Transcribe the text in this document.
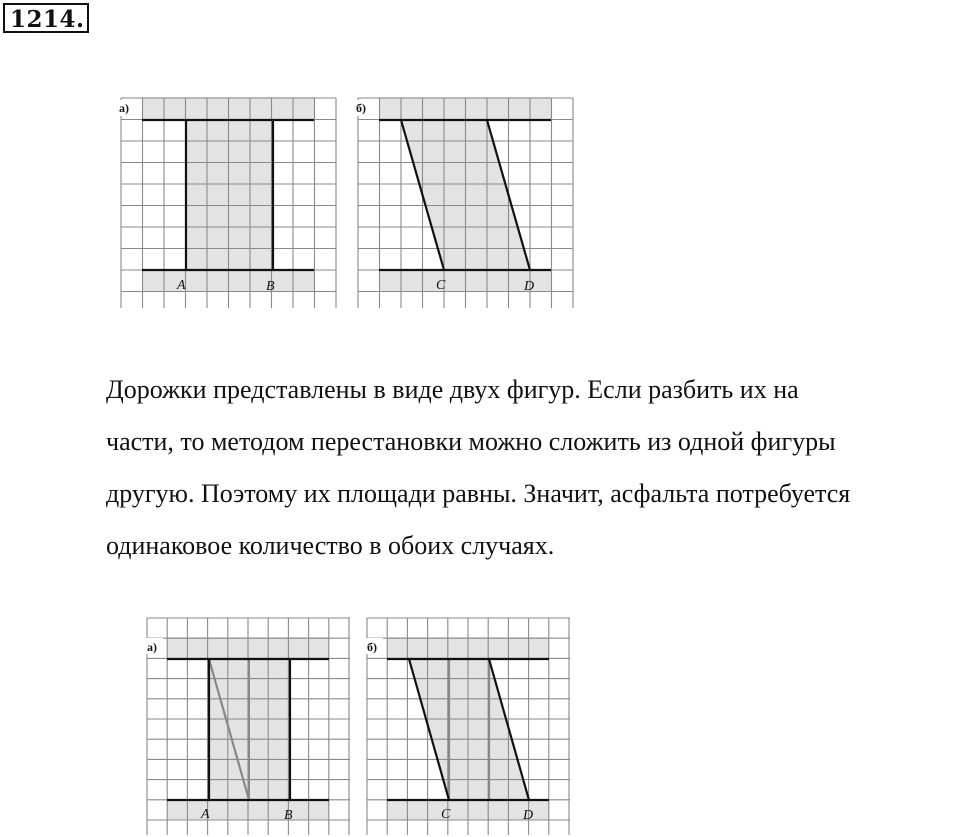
1214.
а)
A	B
б)
C	D
Дорожки представлены в виде двух фигур. Если разбить их на
части, то методом перестановки можно сложить из одной фигуры
другую. Поэтому их площади равны. Значит, асфальта потребуется
одинаковое количество в обоих случаях.
а)
A	B
б)
C	D
